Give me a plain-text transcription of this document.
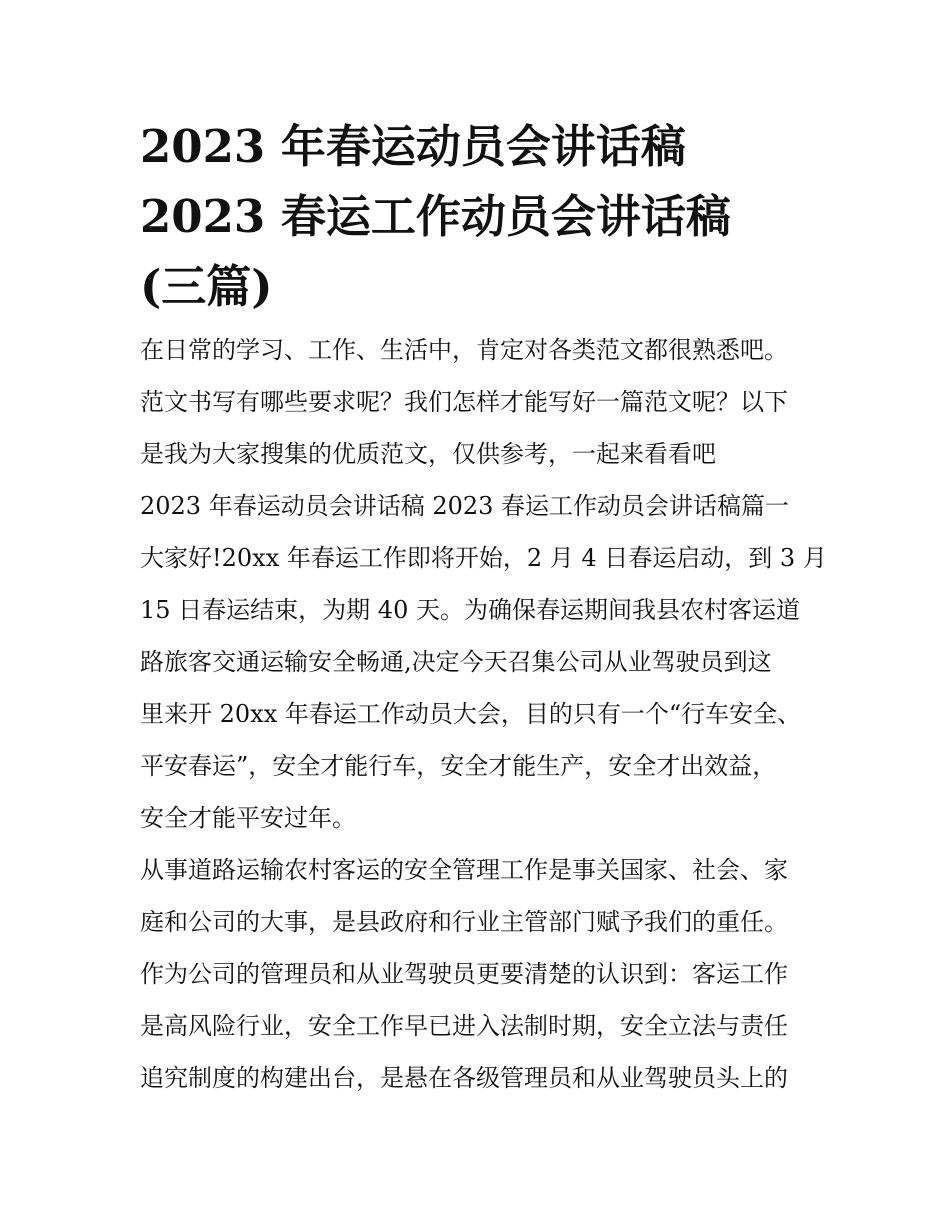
2023 年春运动员会讲话稿
2023 春运工作动员会讲话稿
(三篇)

在日常的学习、工作、生活中，肯定对各类范文都很熟悉吧。
范文书写有哪些要求呢？我们怎样才能写好一篇范文呢？以下
是我为大家搜集的优质范文，仅供参考，一起来看看吧

2023 年春运动员会讲话稿 2023 春运工作动员会讲话稿篇一

大家好!20xx 年春运工作即将开始，2 月 4 日春运启动，到 3 月
15 日春运结束，为期 40 天。为确保春运期间我县农村客运道
路旅客交通运输安全畅通,决定今天召集公司从业驾驶员到这
里来开 20xx 年春运工作动员大会，目的只有一个“行车安全、
平安春运”，安全才能行车，安全才能生产，安全才出效益，
安全才能平安过年。

从事道路运输农村客运的安全管理工作是事关国家、社会、家
庭和公司的大事，是县政府和行业主管部门赋予我们的重任。
作为公司的管理员和从业驾驶员更要清楚的认识到：客运工作
是高风险行业，安全工作早已进入法制时期，安全立法与责任
追究制度的构建出台，是悬在各级管理员和从业驾驶员头上的
